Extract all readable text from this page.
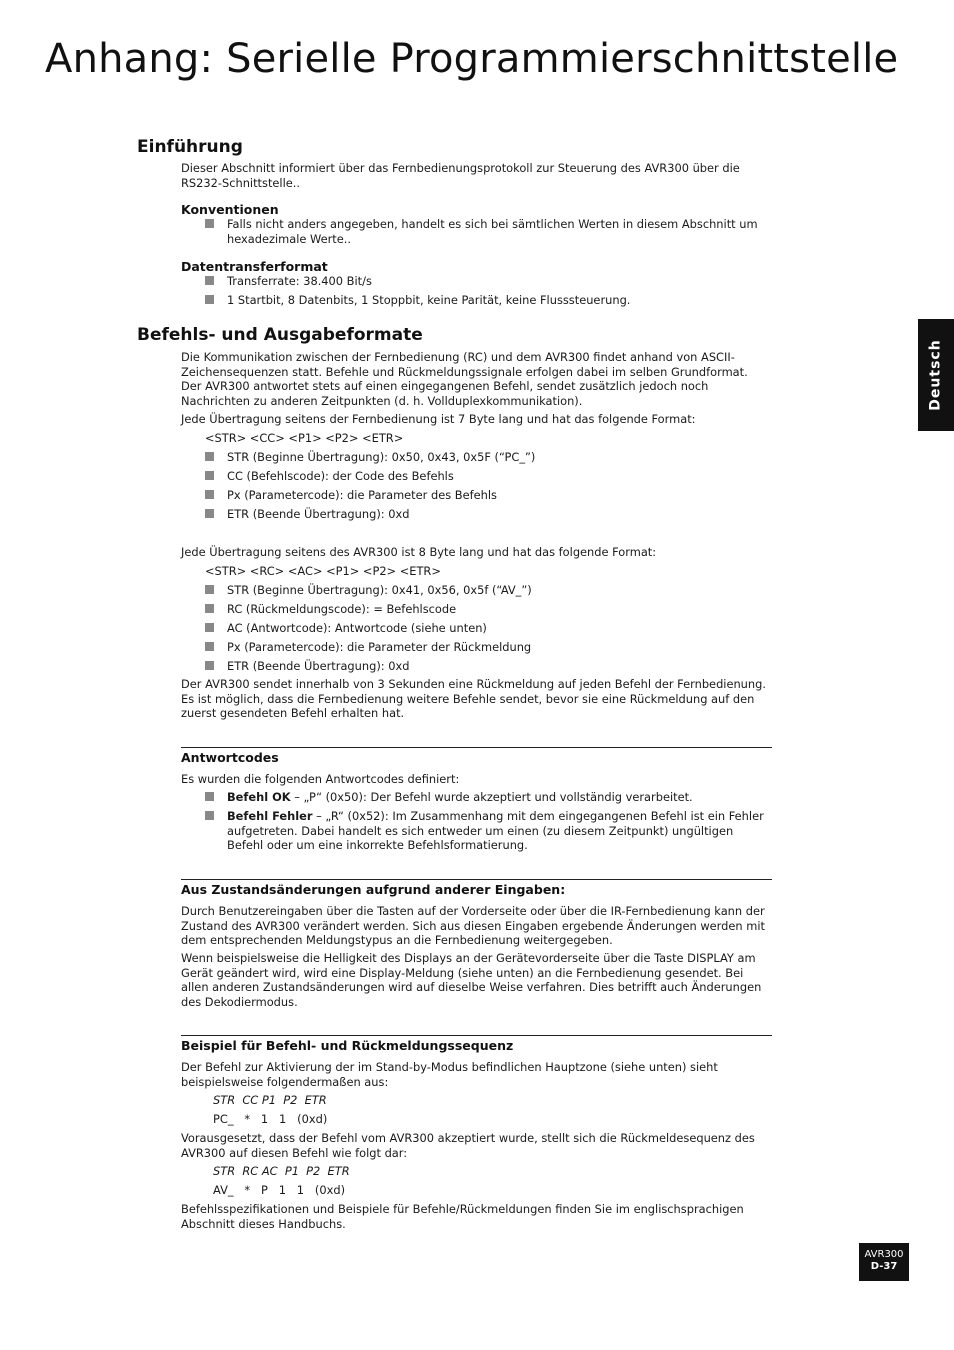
Anhang: Serielle Programmierschnittstelle
Deutsch
Einführung

Dieser Abschnitt informiert über das Fernbedienungsprotokoll zur Steuerung des AVR300 über die RS232-Schnittstelle..

Konventionen
Falls nicht anders angegeben, handelt es sich bei sämtlichen Werten in diesem Abschnitt um hexadezimale Werte..
Datentransferformat
Transferrate: 38.400 Bit/s
1 Startbit, 8 Datenbits, 1 Stoppbit, keine Parität, keine Flusssteuerung.
Befehls- und Ausgabeformate

Die Kommunikation zwischen der Fernbedienung (RC) und dem AVR300 findet anhand von ASCII-Zeichensequenzen statt. Befehle und Rückmeldungssignale erfolgen dabei im selben Grundformat. Der AVR300 antwortet stets auf einen eingegangenen Befehl, sendet zusätzlich jedoch noch Nachrichten zu anderen Zeitpunkten (d. h. Vollduplexkommunikation).

Jede Übertragung seitens der Fernbedienung ist 7 Byte lang und hat das folgende Format:

<STR> <CC> <P1> <P2> <ETR>

STR (Beginne Übertragung): 0x50, 0x43, 0x5F (“PC_”)
CC (Befehlscode): der Code des Befehls
Px (Parametercode): die Parameter des Befehls
ETR (Beende Übertragung): 0xd

Jede Übertragung seitens des AVR300 ist 8 Byte lang und hat das folgende Format:

<STR> <RC> <AC> <P1> <P2> <ETR>

STR (Beginne Übertragung): 0x41, 0x56, 0x5f (“AV_”)
RC (Rückmeldungscode): = Befehlscode
AC (Antwortcode): Antwortcode (siehe unten)
Px (Parametercode): die Parameter der Rückmeldung
ETR (Beende Übertragung): 0xd

Der AVR300 sendet innerhalb von 3 Sekunden eine Rückmeldung auf jeden Befehl der Fernbedienung. Es ist möglich, dass die Fernbedienung weitere Befehle sendet, bevor sie eine Rückmeldung auf den zuerst gesendeten Befehl erhalten hat.

Antwortcodes

Es wurden die folgenden Antwortcodes definiert:

Befehl OK – „P“ (0x50): Der Befehl wurde akzeptiert und vollständig verarbeitet.
Befehl Fehler – „R“ (0x52): Im Zusammenhang mit dem eingegangenen Befehl ist ein Fehler aufgetreten. Dabei handelt es sich entweder um einen (zu diesem Zeitpunkt) ungültigen Befehl oder um eine inkorrekte Befehlsformatierung.
Aus Zustandsänderungen aufgrund anderer Eingaben:

Durch Benutzereingaben über die Tasten auf der Vorderseite oder über die IR-Fernbedienung kann der Zustand des AVR300 verändert werden. Sich aus diesen Eingaben ergebende Änderungen werden mit dem entsprechenden Meldungstypus an die Fernbedienung weitergegeben.

Wenn beispielsweise die Helligkeit des Displays an der Gerätevorderseite über die Taste DISPLAY am Gerät geändert wird, wird eine Display-Meldung (siehe unten) an die Fernbedienung gesendet. Bei allen anderen Zustandsänderungen wird auf dieselbe Weise verfahren. Dies betrifft auch Änderungen des Dekodiermodus.

Beispiel für Befehl- und Rückmeldungssequenz

Der Befehl zur Aktivierung der im Stand-by-Modus befindlichen Hauptzone (siehe unten) sieht beispielsweise folgendermaßen aus:

STR  CC P1  P2  ETR

PC_   *   1   1   (0xd)

Vorausgesetzt, dass der Befehl vom AVR300 akzeptiert wurde, stellt sich die Rückmeldesequenz des AVR300 auf diesen Befehl wie folgt dar:

STR  RC AC  P1  P2  ETR

AV_   *   P   1   1   (0xd)

Befehlsspezifikationen und Beispiele für Befehle/Rückmeldungen finden Sie im englischsprachigen Abschnitt dieses Handbuchs.

AVR300
D-37
